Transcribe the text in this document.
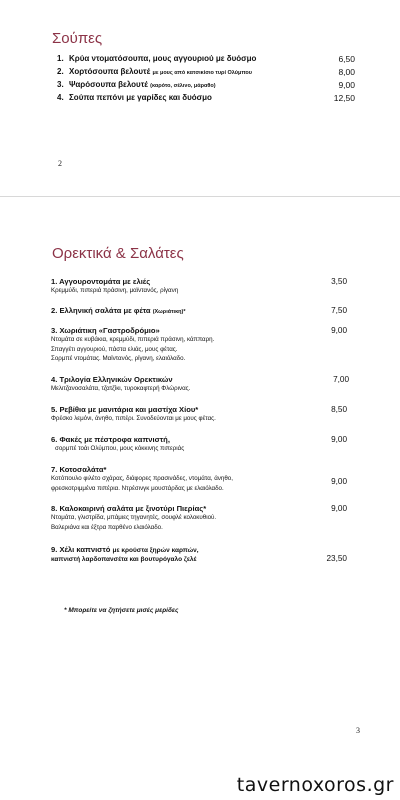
Σούπες
1. Κρύα ντοματόσουπα, μους αγγουριού με δυόσμο	6,50
2. Χορτόσουπα βελουτέ με μους από κατσικίσιο τυρί Ολύμπου	8,00
3. Ψαρόσουπα βελουτέ (καρότο, σέλινο, μάραθο)	9,00
4. Σούπα πεπόνι με γαρίδες και δυόσμο	12,50
2
Ορεκτικά & Σαλάτες
1. Αγγουροντομάτα με ελιές
Κρεμμύδι, πιπεριά πράσινη, μαϊντανός, ρίγανη
3,50
2. Ελληνική σαλάτα με φέτα (Χωριάτικη)*	7,50
3. Χωριάτικη «Γαστροδρόμιο»
Ντομάτα σε κυβάκια, κρεμμύδι, πιπεριά πράσινη, κάππαρη.
Σπαγγέτι αγγουριού, πάστα ελιάς, μους φέτας.
Σορμπέ ντομάτας. Μαϊντανός, ρίγανη, ελαιόλαδο.
9,00
4. Τριλογία Ελληνικών Ορεκτικών
Μελιτζανοσαλάτα, τζατζίκι, τυροκαφτερή Φλώρινας.
7,00
5. Ρεβίθια με μανιτάρια και μαστίχα Χίου*
Φρέσκο λεμόνι, άνηθο, πιπέρι. Συνοδεύονται με μους φέτας.
8,50
6. Φακές με πέστροφα καπνιστή,
σορμπέ τοάι Ολύμπου, μους κόκκινης πιπεριάς
9,00
7. Κοτοσαλάτα*
Κοτόπουλο φιλέτο σχάρας, διάφορες πρασινάδες, ντομάτα, άνηθο,
φρεσκοτριμμένα πιπέρια. Ντρέσινγκ μουστάρδας με ελαιόλαδο.
9,00
8. Καλοκαιρινή σαλάτα με ξινοτύρι Πιερίας*
Ντομάτα, γλιστρίδα, μπάμιες τηγανητές, σουφλέ κολοκυθιού.
Βαλεριάνα και έξτρα παρθένο ελαιόλαδο.
9,00
9. Χέλι καπνιστό με κρούστα ξηρών καρπών,
καπνιστή λαρδοπανσέτα και βουτυρόγαλο ζελέ	23,50
* Μπορείτε να ζητήσετε μισές μερίδες
3
tavernoxoros.gr
